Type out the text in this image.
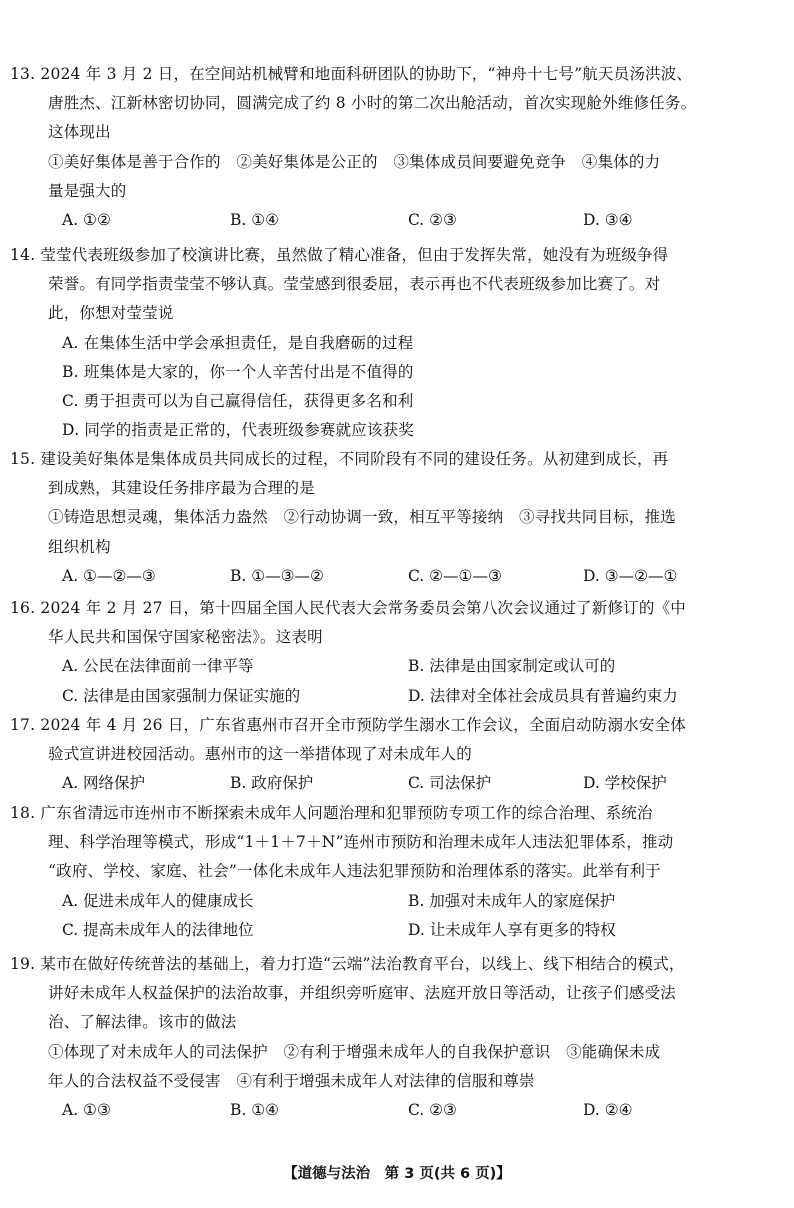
13. 2024 年 3 月 2 日，在空间站机械臂和地面科研团队的协助下，“神舟十七号”航天员汤洪波、
唐胜杰、江新林密切协同，圆满完成了约 8 小时的第二次出舱活动，首次实现舱外维修任务。
这体现出
①美好集体是善于合作的　②美好集体是公正的　③集体成员间要避免竞争　④集体的力
量是强大的
A. ①②	B. ①④	C. ②③	D. ③④
14. 莹莹代表班级参加了校演讲比赛，虽然做了精心准备，但由于发挥失常，她没有为班级争得
荣誉。有同学指责莹莹不够认真。莹莹感到很委屈，表示再也不代表班级参加比赛了。对
此，你想对莹莹说
A. 在集体生活中学会承担责任，是自我磨砺的过程
B. 班集体是大家的，你一个人辛苦付出是不值得的
C. 勇于担责可以为自己赢得信任，获得更多名和利
D. 同学的指责是正常的，代表班级参赛就应该获奖
15. 建设美好集体是集体成员共同成长的过程，不同阶段有不同的建设任务。从初建到成长，再
到成熟，其建设任务排序最为合理的是
①铸造思想灵魂，集体活力盎然　②行动协调一致，相互平等接纳　③寻找共同目标，推选
组织机构
A. ①—②—③	B. ①—③—②	C. ②—①—③	D. ③—②—①
16. 2024 年 2 月 27 日，第十四届全国人民代表大会常务委员会第八次会议通过了新修订的《中
华人民共和国保守国家秘密法》。这表明
A. 公民在法律面前一律平等	B. 法律是由国家制定或认可的
C. 法律是由国家强制力保证实施的	D. 法律对全体社会成员具有普遍约束力
17. 2024 年 4 月 26 日，广东省惠州市召开全市预防学生溺水工作会议，全面启动防溺水安全体
验式宣讲进校园活动。惠州市的这一举措体现了对未成年人的
A. 网络保护	B. 政府保护	C. 司法保护	D. 学校保护
18. 广东省清远市连州市不断探索未成年人问题治理和犯罪预防专项工作的综合治理、系统治
理、科学治理等模式，形成“1＋1＋7＋N”连州市预防和治理未成年人违法犯罪体系，推动
“政府、学校、家庭、社会”一体化未成年人违法犯罪预防和治理体系的落实。此举有利于
A. 促进未成年人的健康成长	B. 加强对未成年人的家庭保护
C. 提高未成年人的法律地位	D. 让未成年人享有更多的特权
19. 某市在做好传统普法的基础上，着力打造“云端”法治教育平台，以线上、线下相结合的模式，
讲好未成年人权益保护的法治故事，并组织旁听庭审、法庭开放日等活动，让孩子们感受法
治、了解法律。该市的做法
①体现了对未成年人的司法保护　②有利于增强未成年人的自我保护意识　③能确保未成
年人的合法权益不受侵害　④有利于增强未成年人对法律的信服和尊崇
A. ①③	B. ①④	C. ②③	D. ②④
【道德与法治　第 3 页(共 6 页)】
